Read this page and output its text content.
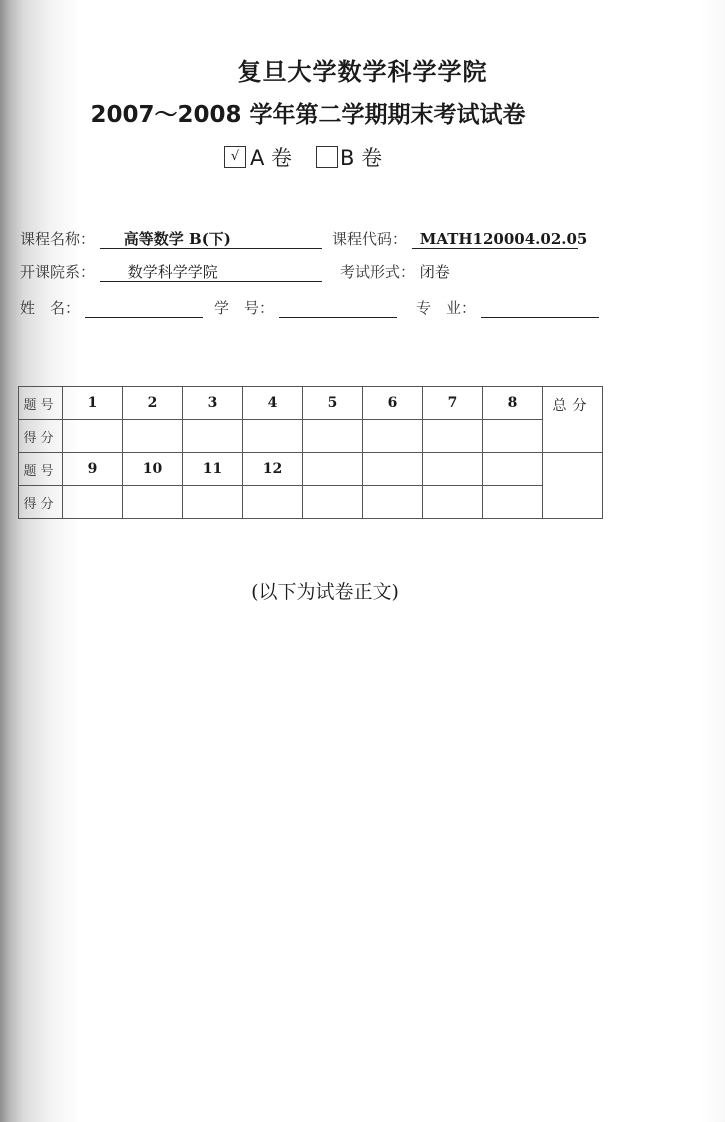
复旦大学数学科学学院
2007～2008 学年第二学期期末考试试卷
√ A 卷 B 卷
课程名称： 高等数学 B(下)	课程代码： MATH120004.02.05
开课院系： 数学科学学院	考试形式： 闭卷
姓　名：	学　号：	专　业：
题号	1	2	3	4	5	6	7	8	总分
得分									
题号	9	10	11	12					
得分									
(以下为试卷正文)
